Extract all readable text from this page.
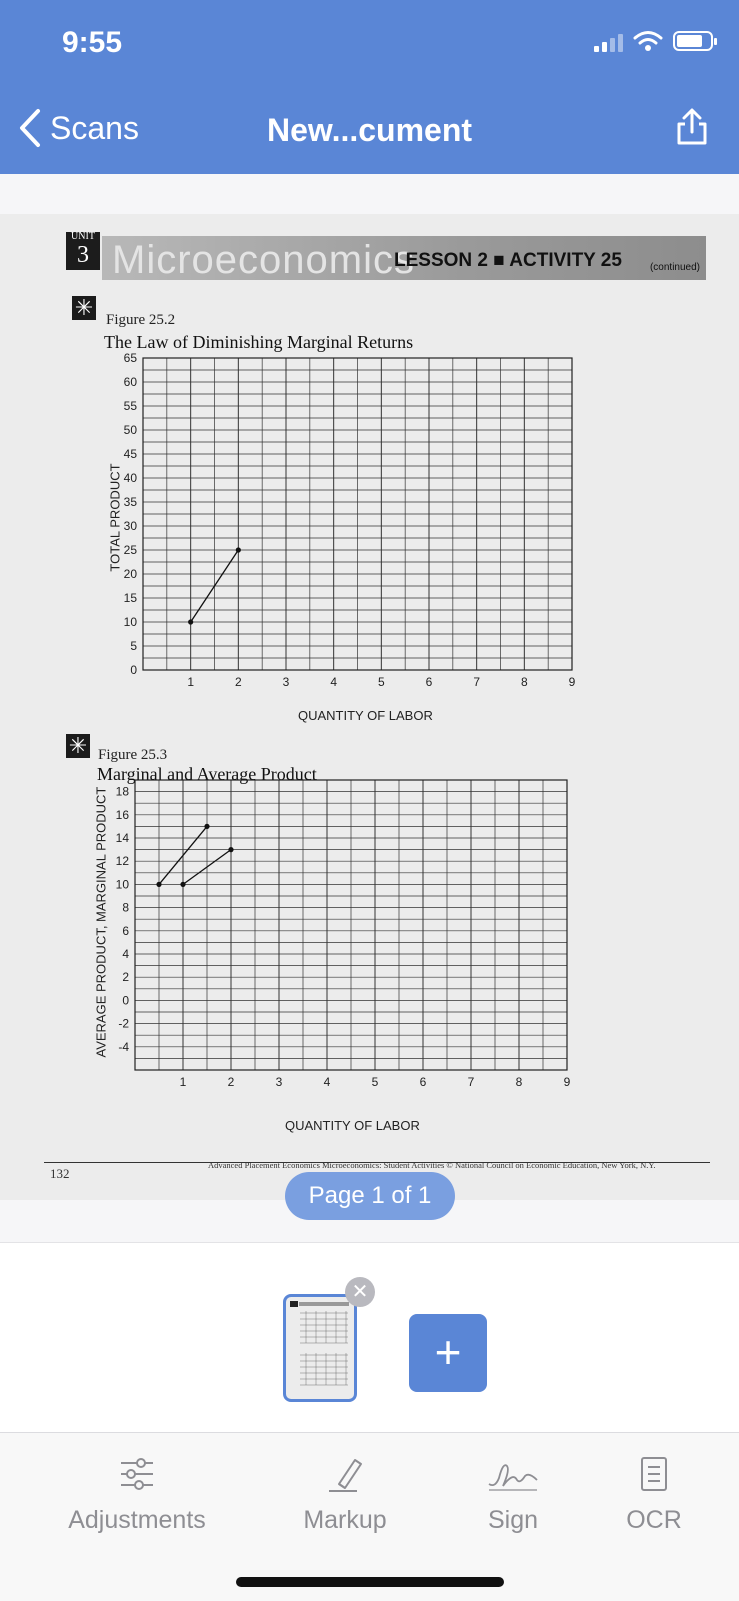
9:55
Scans	New...cument
UNIT
3 Microeconomics
LESSON 2 ■ ACTIVITY 25	(continued)
✳ Figure 25.2
The Law of Diminishing Marginal Returns
TOTAL PRODUCT
QUANTITY OF LABOR
✳ Figure 25.3
Marginal and Average Product
AVERAGE PRODUCT, MARGINAL PRODUCT
QUANTITY OF LABOR
1	2	3	4	5	6	7	8	9
0
5
10
15
20
25
30
35
40
45
50
55
60
65
1	2	3	4	5	6	7	8	9
-4
-2
0
2
4
6
8
10
12
14
16
18
132
Advanced Placement Economics Microeconomics: Student Activities © National Council on Economic Education, New York, N.Y.
Page 1 of 1
✕
+
Adjustments	Markup	Sign	OCR
